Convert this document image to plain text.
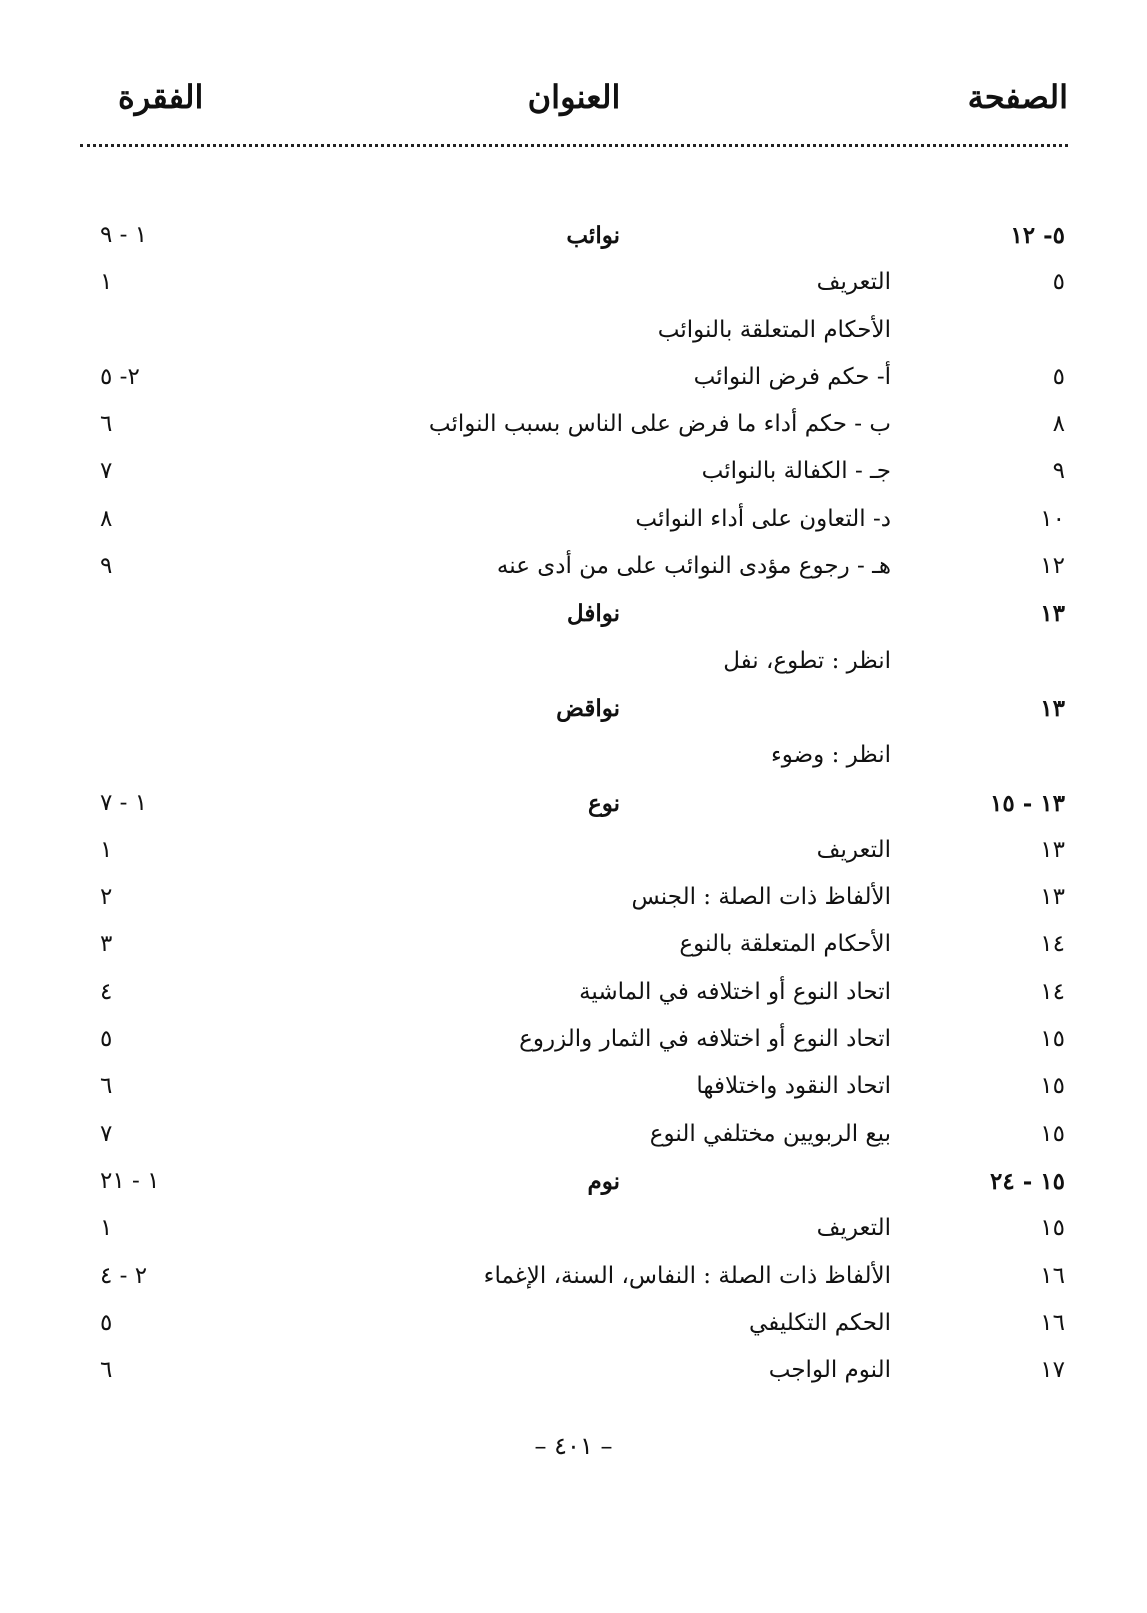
الصفحة
العنوان
الفقرة
٥- ١٢
نوائب
١ - ٩
٥
التعريف
١
الأحكام المتعلقة بالنوائب
٥
أ- حكم فرض النوائب
٢- ٥
٨
ب - حكم أداء ما فرض على الناس بسبب النوائب
٦
٩
جـ - الكفالة بالنوائب
٧
١٠
د- التعاون على أداء النوائب
٨
١٢
هـ - رجوع مؤدى النوائب على من أدى عنه
٩
١٣
نوافل
انظر : تطوع، نفل
١٣
نواقض
انظر : وضوء
١٣ - ١٥
نوع
١ - ٧
١٣
التعريف
١
١٣
الألفاظ ذات الصلة : الجنس
٢
١٤
الأحكام المتعلقة بالنوع
٣
١٤
اتحاد النوع أو اختلافه في الماشية
٤
١٥
اتحاد النوع أو اختلافه في الثمار والزروع
٥
١٥
اتحاد النقود واختلافها
٦
١٥
بيع الربويين مختلفي النوع
٧
١٥ - ٢٤
نوم
١ - ٢١
١٥
التعريف
١
١٦
الألفاظ ذات الصلة : النفاس، السنة، الإغماء
٢ - ٤
١٦
الحكم التكليفي
٥
١٧
النوم الواجب
٦
– ٤٠١ –
